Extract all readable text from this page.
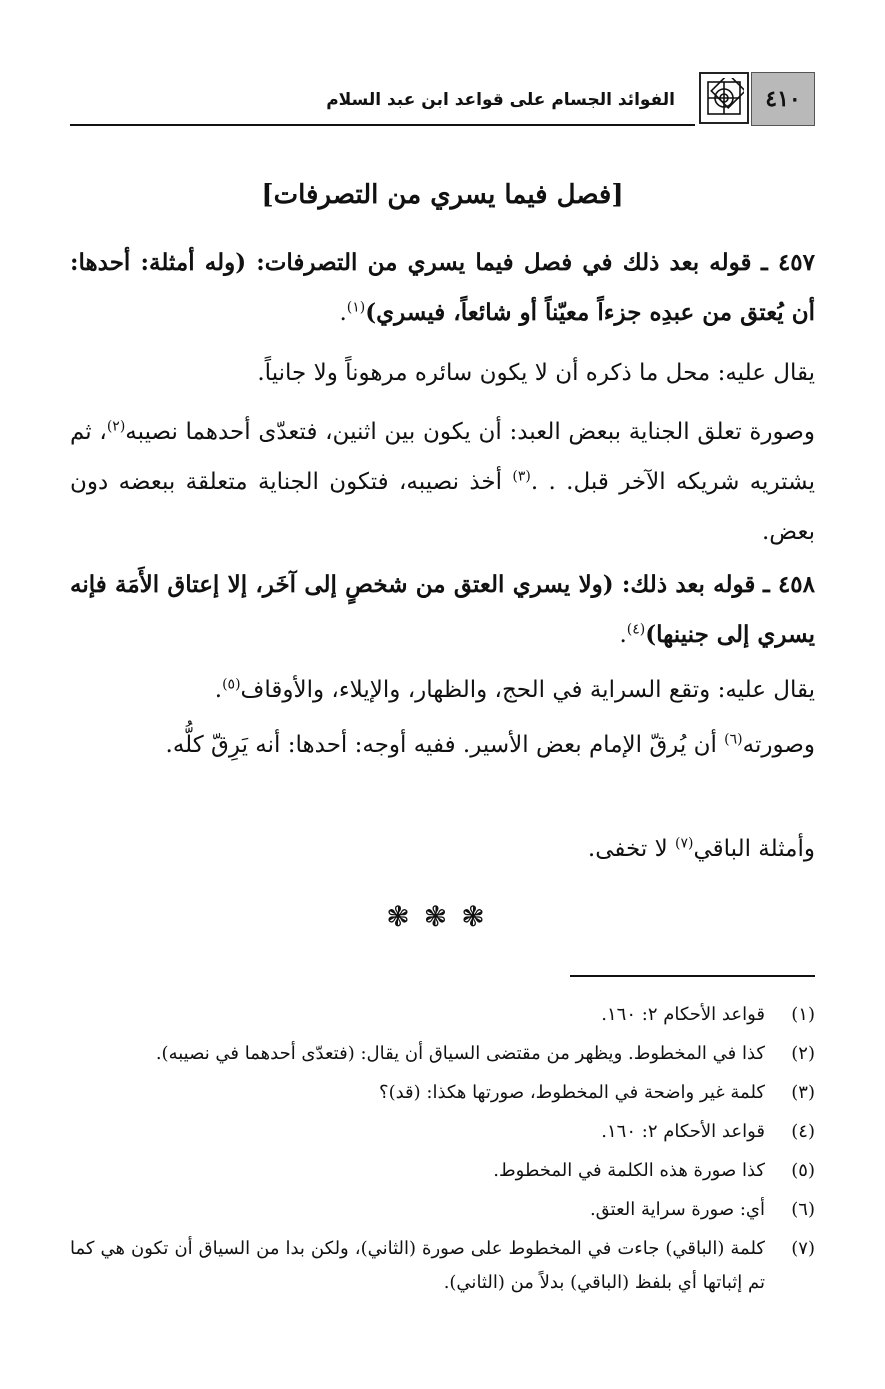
الفوائد الجسام على قواعد ابن عبد السلام	٤١٠
[فصل فيما يسري من التصرفات]
٤٥٧ ـ قوله بعد ذلك في فصل فيما يسري من التصرفات: (وله أمثلة: أحدها: أن يُعتق من عبدِه جزءاً معيّناً أو شائعاً، فيسري)$^{(١)}$.
يقال عليه: محل ما ذكره أن لا يكون سائره مرهوناً ولا جانياً.
وصورة تعلق الجناية ببعض العبد: أن يكون بين اثنين، فتعدّى أحدهما نصيبه$^{(٢)}$، ثم يشتريه شريكه الآخر قبل. . .$^{(٣)}$ أخذ نصيبه، فتكون الجناية متعلقة ببعضه دون بعض.
٤٥٨ ـ قوله بعد ذلك: (ولا يسري العتق من شخصٍ إلى آخَر، إلا إعتاق الأَمَة فإنه يسري إلى جنينها)$^{(٤)}$.
يقال عليه: وتقع السراية في الحج، والظهار، والإيلاء، والأوقاف$^{(٥)}$.
وصورته$^{(٦)}$ أن يُرقّ الإمام بعض الأسير. ففيه أوجه: أحدها: أنه يَرِقّ كلُّه.
وأمثلة الباقي$^{(٧)}$ لا تخفى.
❃❃❃
(١)
قواعد الأحكام ٢: ١٦٠.
(٢)
كذا في المخطوط. ويظهر من مقتضى السياق أن يقال: (فتعدّى أحدهما في نصيبه).
(٣)
كلمة غير واضحة في المخطوط، صورتها هكذا: (قد)؟
(٤)
قواعد الأحكام ٢: ١٦٠.
(٥)
كذا صورة هذه الكلمة في المخطوط.
(٦)
أي: صورة سراية العتق.
(٧)
كلمة (الباقي) جاءت في المخطوط على صورة (الثاني)، ولكن بدا من السياق أن تكون هي كما تم إثباتها أي بلفظ (الباقي) بدلاً من (الثاني).
